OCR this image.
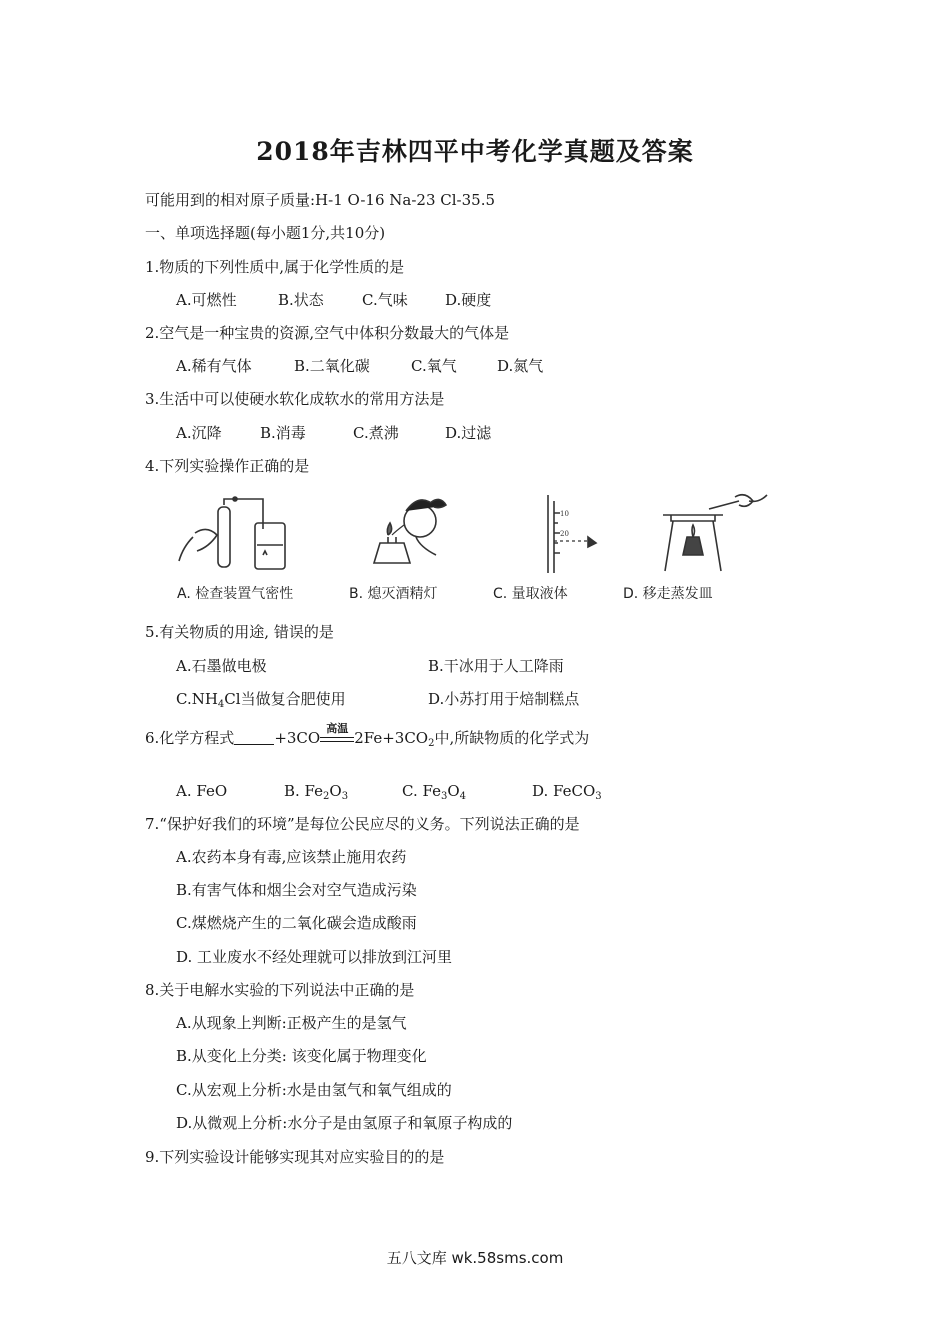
2018年吉林四平中考化学真题及答案
可能用到的相对原子质量:H-1 O-16 Na-23 Cl-35.5
一、单项选择题(每小题1分,共10分)
1.物质的下列性质中,属于化学性质的是
A.可燃性	B.状态	C.气味 D.硬度
2.空气是一种宝贵的资源,空气中体积分数最大的气体是
A.稀有气体	B.二氧化碳	C.氧气	D.氮气
3.生活中可以使硬水软化成软水的常用方法是
A.沉降	B.消毒	C.煮沸	D.过滤
4.下列实验操作正确的是
10
20
A. 检查装置气密性	B. 熄灭酒精灯	C. 量取液体	D. 移走蒸发皿
5.有关物质的用途, 错误的是
A.石墨做电极	B.干冰用于人工降雨
$C.NH_4Cl$当做复合肥使用	D.小苏打用于焙制糕点
6.化学方程式	+3CO
高温
$2Fe+3CO_2$中,所缺物质的化学式为
A. FeO	B. $Fe_2O_3$	C. $Fe_3O_4$	D. FeCO$_3$
7.“保护好我们的环境”是每位公民应尽的义务。下列说法正确的是
A.农药本身有毒,应该禁止施用农药
B.有害气体和烟尘会对空气造成污染
C.煤燃烧产生的二氧化碳会造成酸雨
D. 工业废水不经处理就可以排放到江河里
8.关于电解水实验的下列说法中正确的是
A.从现象上判断:正极产生的是氢气
B.从变化上分类: 该变化属于物理变化
C.从宏观上分析:水是由氢气和氧气组成的
D.从微观上分析:水分子是由氢原子和氧原子构成的
9.下列实验设计能够实现其对应实验目的的是
五八文库 wk.58sms.com
